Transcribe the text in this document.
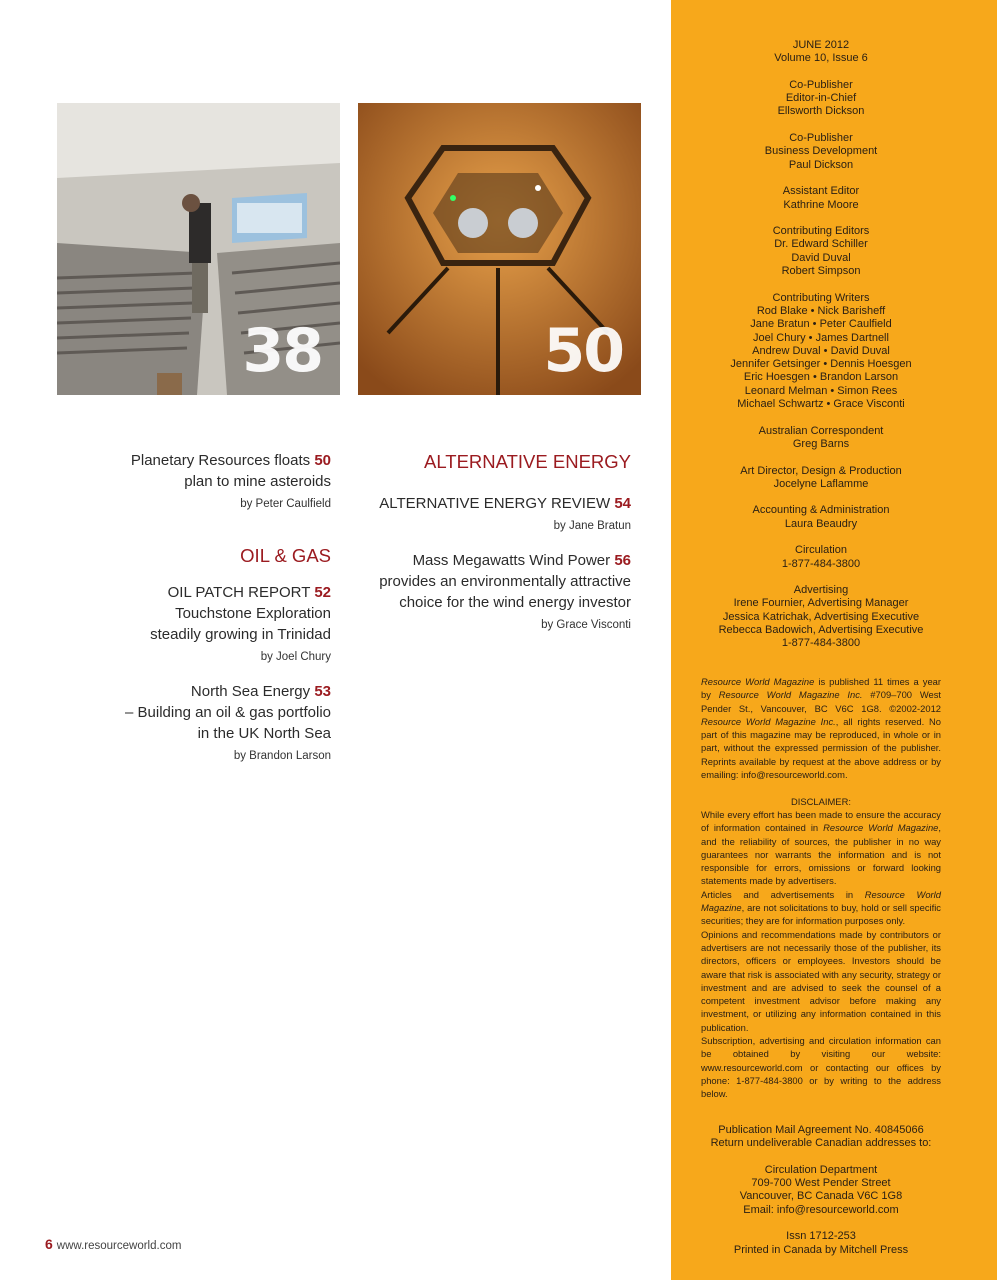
38	50

Planetary Resources floats 50

plan to mine asteroids

by Peter Caulfield

OIL & GAS

OIL PATCH REPORT 52

Touchstone Exploration

steadily growing in Trinidad

by Joel Chury

North Sea Energy 53

– Building an oil & gas portfolio

in the UK North Sea

by Brandon Larson

ALTERNATIVE ENERGY

ALTERNATIVE ENERGY REVIEW 54

by Jane Bratun

Mass Megawatts Wind Power 56

provides an environmentally attractive

choice for the wind energy investor

by Grace Visconti

JUNE 2012

Volume 10, Issue 6

Co-Publisher

Editor-in-Chief

Ellsworth Dickson

Co-Publisher

Business Development

Paul Dickson

Assistant Editor

Kathrine Moore

Contributing Editors

Dr. Edward Schiller

David Duval

Robert Simpson

Contributing Writers

Rod Blake • Nick Barisheff

Jane Bratun • Peter Caulfield

Joel Chury • James Dartnell

Andrew Duval • David Duval

Jennifer Getsinger • Dennis Hoesgen

Eric Hoesgen • Brandon Larson

Leonard Melman • Simon Rees

Michael Schwartz • Grace Visconti

Australian Correspondent

Greg Barns

Art Director, Design & Production

Jocelyne Laflamme

Accounting & Administration

Laura Beaudry

Circulation

1-877-484-3800

Advertising

Irene Fournier, Advertising Manager

Jessica Katrichak, Advertising Executive

Rebecca Badowich, Advertising Executive

1-877-484-3800

Resource World Magazine is published 11 times a year by Resource World Magazine Inc. #709–700 West Pender St., Vancouver, BC V6C 1G8. ©2002-2012 Resource World Magazine Inc., all rights reserved. No part of this magazine may be reproduced, in whole or in part, without the expressed permission of the publisher. Reprints available by request at the above address or by emailing: info@resourceworld.com.

DISCLAIMER:

While every effort has been made to ensure the accuracy of information contained in Resource World Magazine, and the reliability of sources, the publisher in no way guarantees nor warrants the information and is not responsible for errors, omissions or forward looking statements made by advertisers.

Articles and advertisements in Resource World Magazine, are not solicitations to buy, hold or sell specific securities; they are for information purposes only.

Opinions and recommendations made by contributors or advertisers are not necessarily those of the publisher, its directors, officers or employees. Investors should be aware that risk is associated with any security, strategy or investment and are advised to seek the counsel of a competent investment advisor before making any investment, or utilizing any information contained in this publication.

Subscription, advertising and circulation information can be obtained by visiting our website: www.resourceworld.com or contacting our offices by phone: 1-877-484-3800 or by writing to the address below.

Publication Mail Agreement No. 40845066

Return undeliverable Canadian addresses to:

Circulation Department

709-700 West Pender Street

Vancouver, BC Canada V6C 1G8

Email: info@resourceworld.com

Issn 1712-253

Printed in Canada by Mitchell Press

6 www.resourceworld.com
